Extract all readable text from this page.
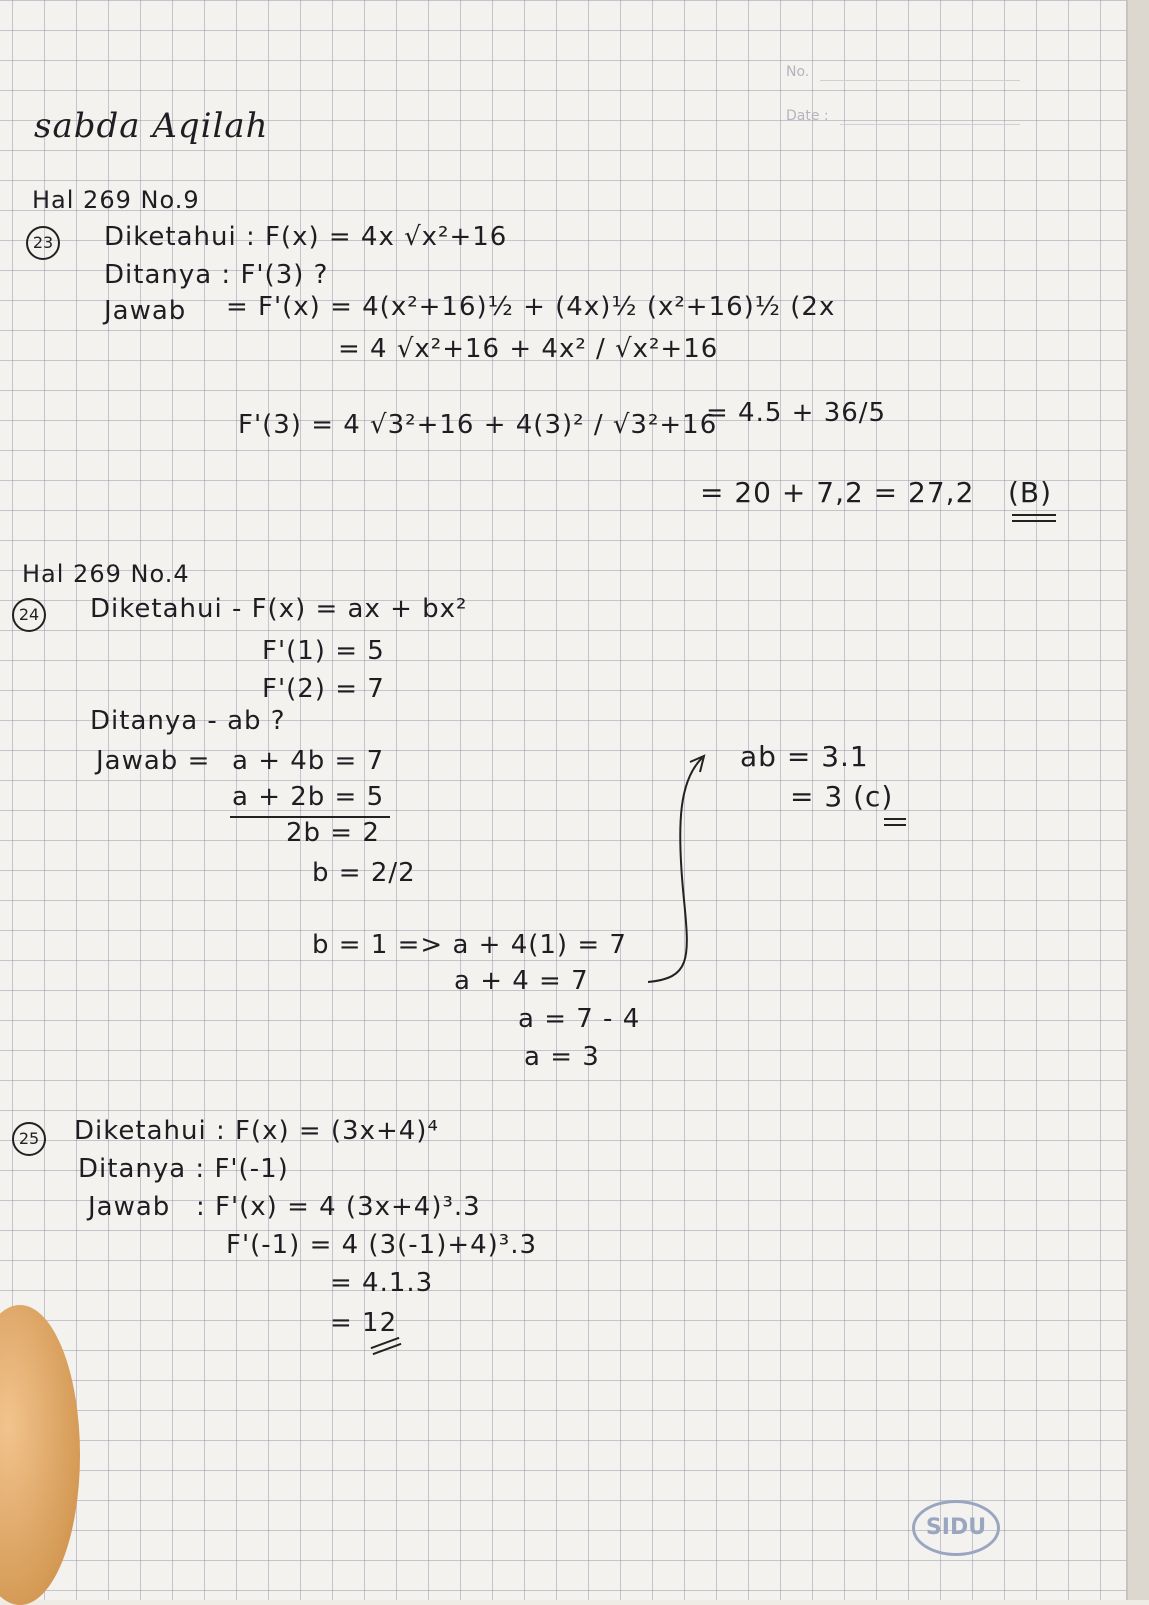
No.
Date :
sabda Aqilah
Hal 269 No.9
23 Diketahui : F(x) = 4x √x²+16
Ditanya : F'(3) ?
Jawab = F'(x) = 4(x²+16)½ + (4x)½ (x²+16)½ (2x
= 4 √x²+16 + 4x² / √x²+16
F'(3) = 4 √3²+16 + 4(3)² / √3²+16
= 4.5 + 36/5
= 20 + 7,2 = 27,2 (B)
Hal 269 No.4
24 Diketahui - F(x) = ax + bx²
F'(1) = 5
F'(2) = 7
Ditanya - ab ?
Jawab = a + 4b = 7
a + 2b = 5
2b = 2
b = 2/2
b = 1 => a + 4(1) = 7
a + 4 = 7
a = 7 - 4
a = 3
ab = 3.1
= 3 (c)
25 Diketahui : F(x) = (3x+4)⁴
Ditanya : F'(-1)
Jawab : F'(x) = 4 (3x+4)³.3
F'(-1) = 4 (3(-1)+4)³.3
= 4.1.3
= 12
SIDU
